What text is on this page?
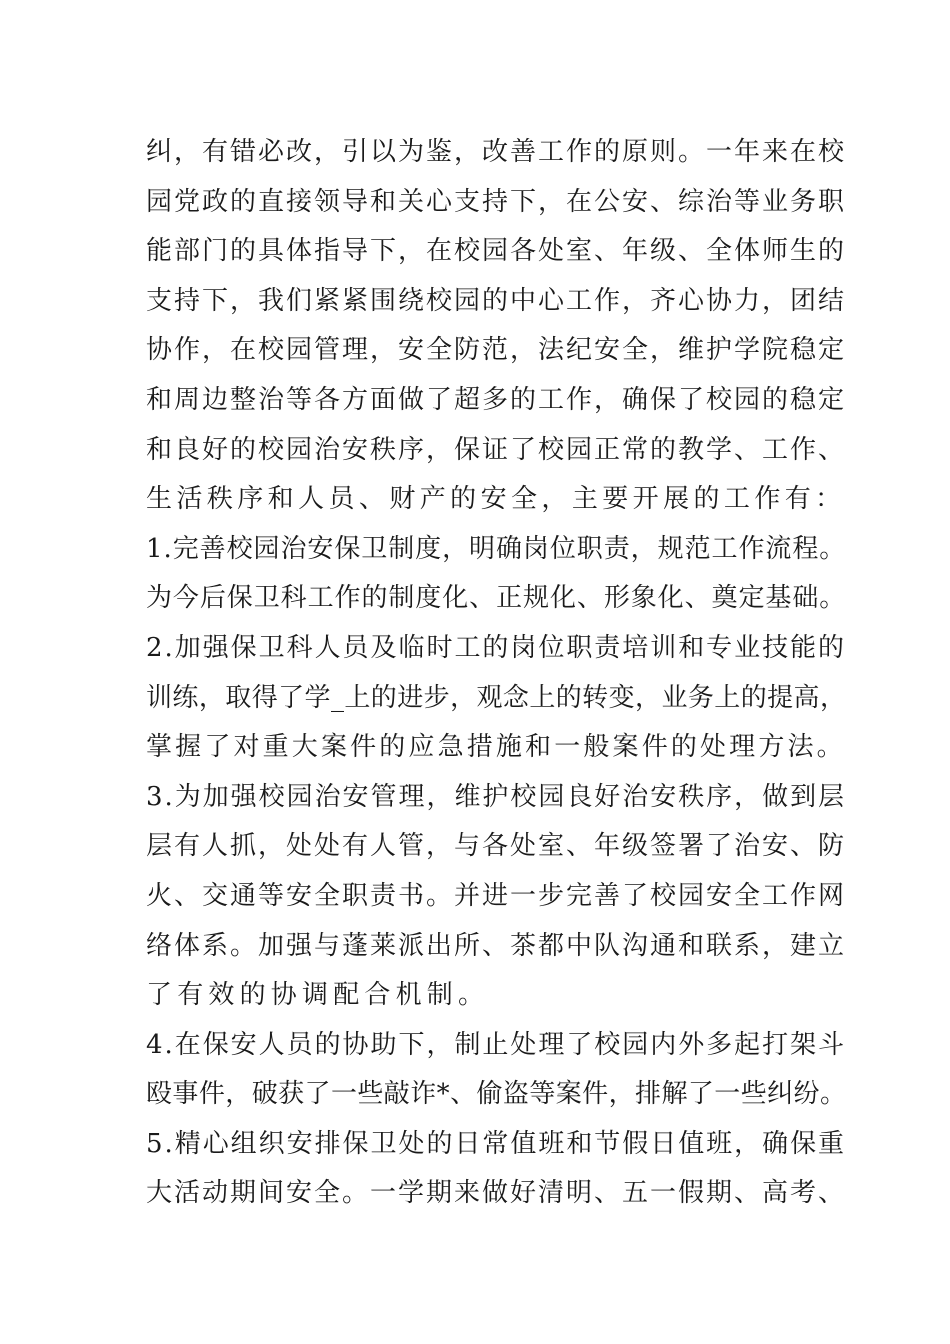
纠，有错必改，引以为鉴，改善工作的原则。一年来在校
园党政的直接领导和关心支持下，在公安、综治等业务职
能部门的具体指导下，在校园各处室、年级、全体师生的
支持下，我们紧紧围绕校园的中心工作，齐心协力，团结
协作，在校园管理，安全防范，法纪安全，维护学院稳定
和周边整治等各方面做了超多的工作，确保了校园的稳定
和良好的校园治安秩序，保证了校园正常的教学、工作、
生活秩序和人员、财产的安全，主要开展的工作有：
1.完善校园治安保卫制度，明确岗位职责，规范工作流程。
为今后保卫科工作的制度化、正规化、形象化、奠定基础。
2.加强保卫科人员及临时工的岗位职责培训和专业技能的
训练，取得了学_上的进步，观念上的转变，业务上的提高，
掌握了对重大案件的应急措施和一般案件的处理方法。
3.为加强校园治安管理，维护校园良好治安秩序，做到层
层有人抓，处处有人管，与各处室、年级签署了治安、防
火、交通等安全职责书。并进一步完善了校园安全工作网
络体系。加强与蓬莱派出所、茶都中队沟通和联系，建立
了有效的协调配合机制。
4.在保安人员的协助下，制止处理了校园内外多起打架斗
殴事件，破获了一些敲诈*、偷盗等案件，排解了一些纠纷。
5.精心组织安排保卫处的日常值班和节假日值班，确保重
大活动期间安全。一学期来做好清明、五一假期、高考、
